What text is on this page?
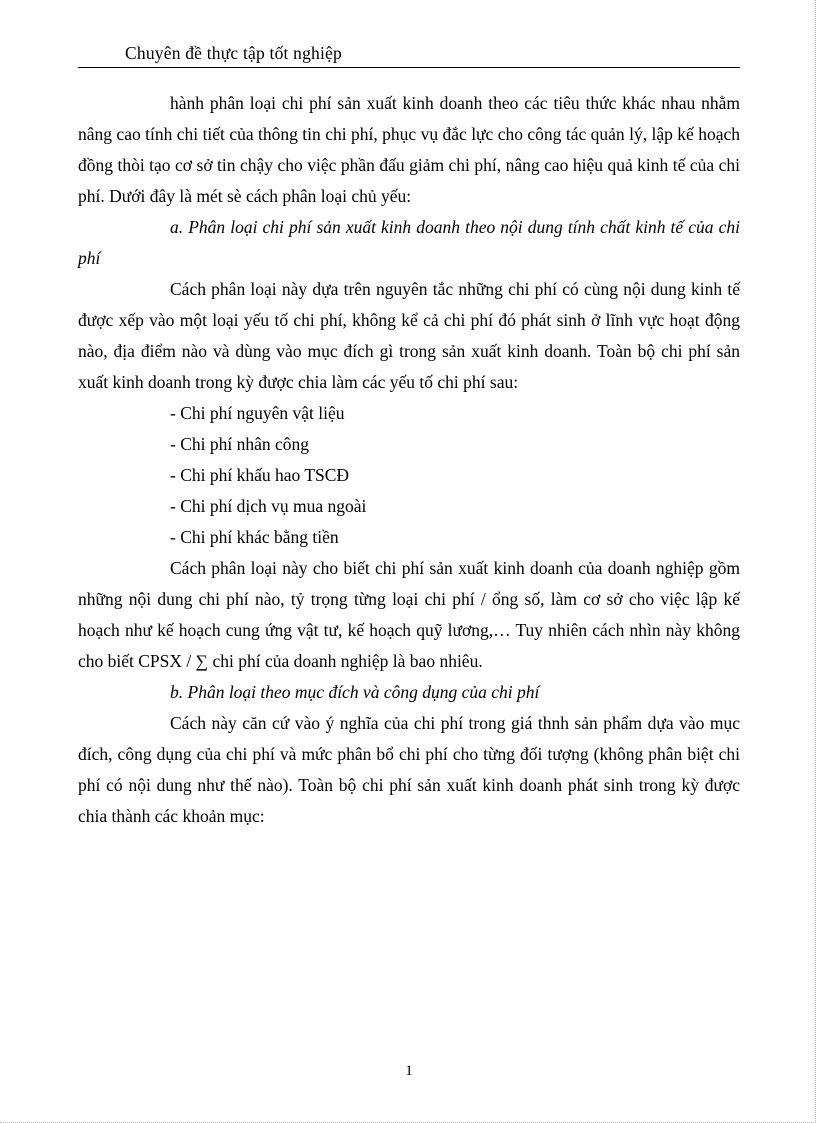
Chuyên đề thực tập tốt nghiệp

hành phân loại chi phí sản xuất kinh doanh theo các tiêu thức khác nhau nhằm nâng cao tính chi tiết của thông tin chi phí, phục vụ đắc lực cho công tác quản lý, lập kế hoạch đồng thòi tạo cơ sở tin chậy cho việc phần đấu giảm chi phí, nâng cao hiệu quả kinh tế của chi phí. Dưới đây là mét sè cách phân loại chủ yếu:

a. Phân loại chi phí sản xuất kinh doanh theo nội dung tính chất kinh tế của chi phí

Cách phân loại này dựa trên nguyên tắc những chi phí có cùng nội dung kinh tế được xếp vào một loại yếu tố chi phí, không kể cả chi phí đó phát sinh ở lĩnh vực hoạt động nào, địa điểm nào và dùng vào mục đích gì trong sản xuất kinh doanh. Toàn bộ chi phí sản xuất kinh doanh trong kỳ được chia làm các yếu tố chi phí sau:

- Chi phí nguyên vật liệu

- Chi phí nhân công

- Chi phí khấu hao TSCĐ

- Chi phí dịch vụ mua ngoài

- Chi phí khác bằng tiền

Cách phân loại này cho biết chi phí sản xuất kinh doanh của doanh nghiệp gồm những nội dung chi phí nào, tỷ trọng từng loại chi phí / ổng số, làm cơ sở cho việc lập kế hoạch như kế hoạch cung ứng vật tư, kế hoạch quỹ lương,… Tuy nhiên cách nhìn này không cho biết CPSX / ∑ chi phí của doanh nghiệp là bao nhiêu.

b. Phân loại theo mục đích và công dụng của chi phí

Cách này căn cứ vào ý nghĩa của chi phí trong giá thnh sản phẩm dựa vào mục đích, công dụng của chi phí và mức phân bổ chi phí cho từng đối tượng (không phân biệt chi phí có nội dung như thế nào). Toàn bộ chi phí sản xuất kinh doanh phát sinh trong kỳ được chia thành các khoản mục:

1
